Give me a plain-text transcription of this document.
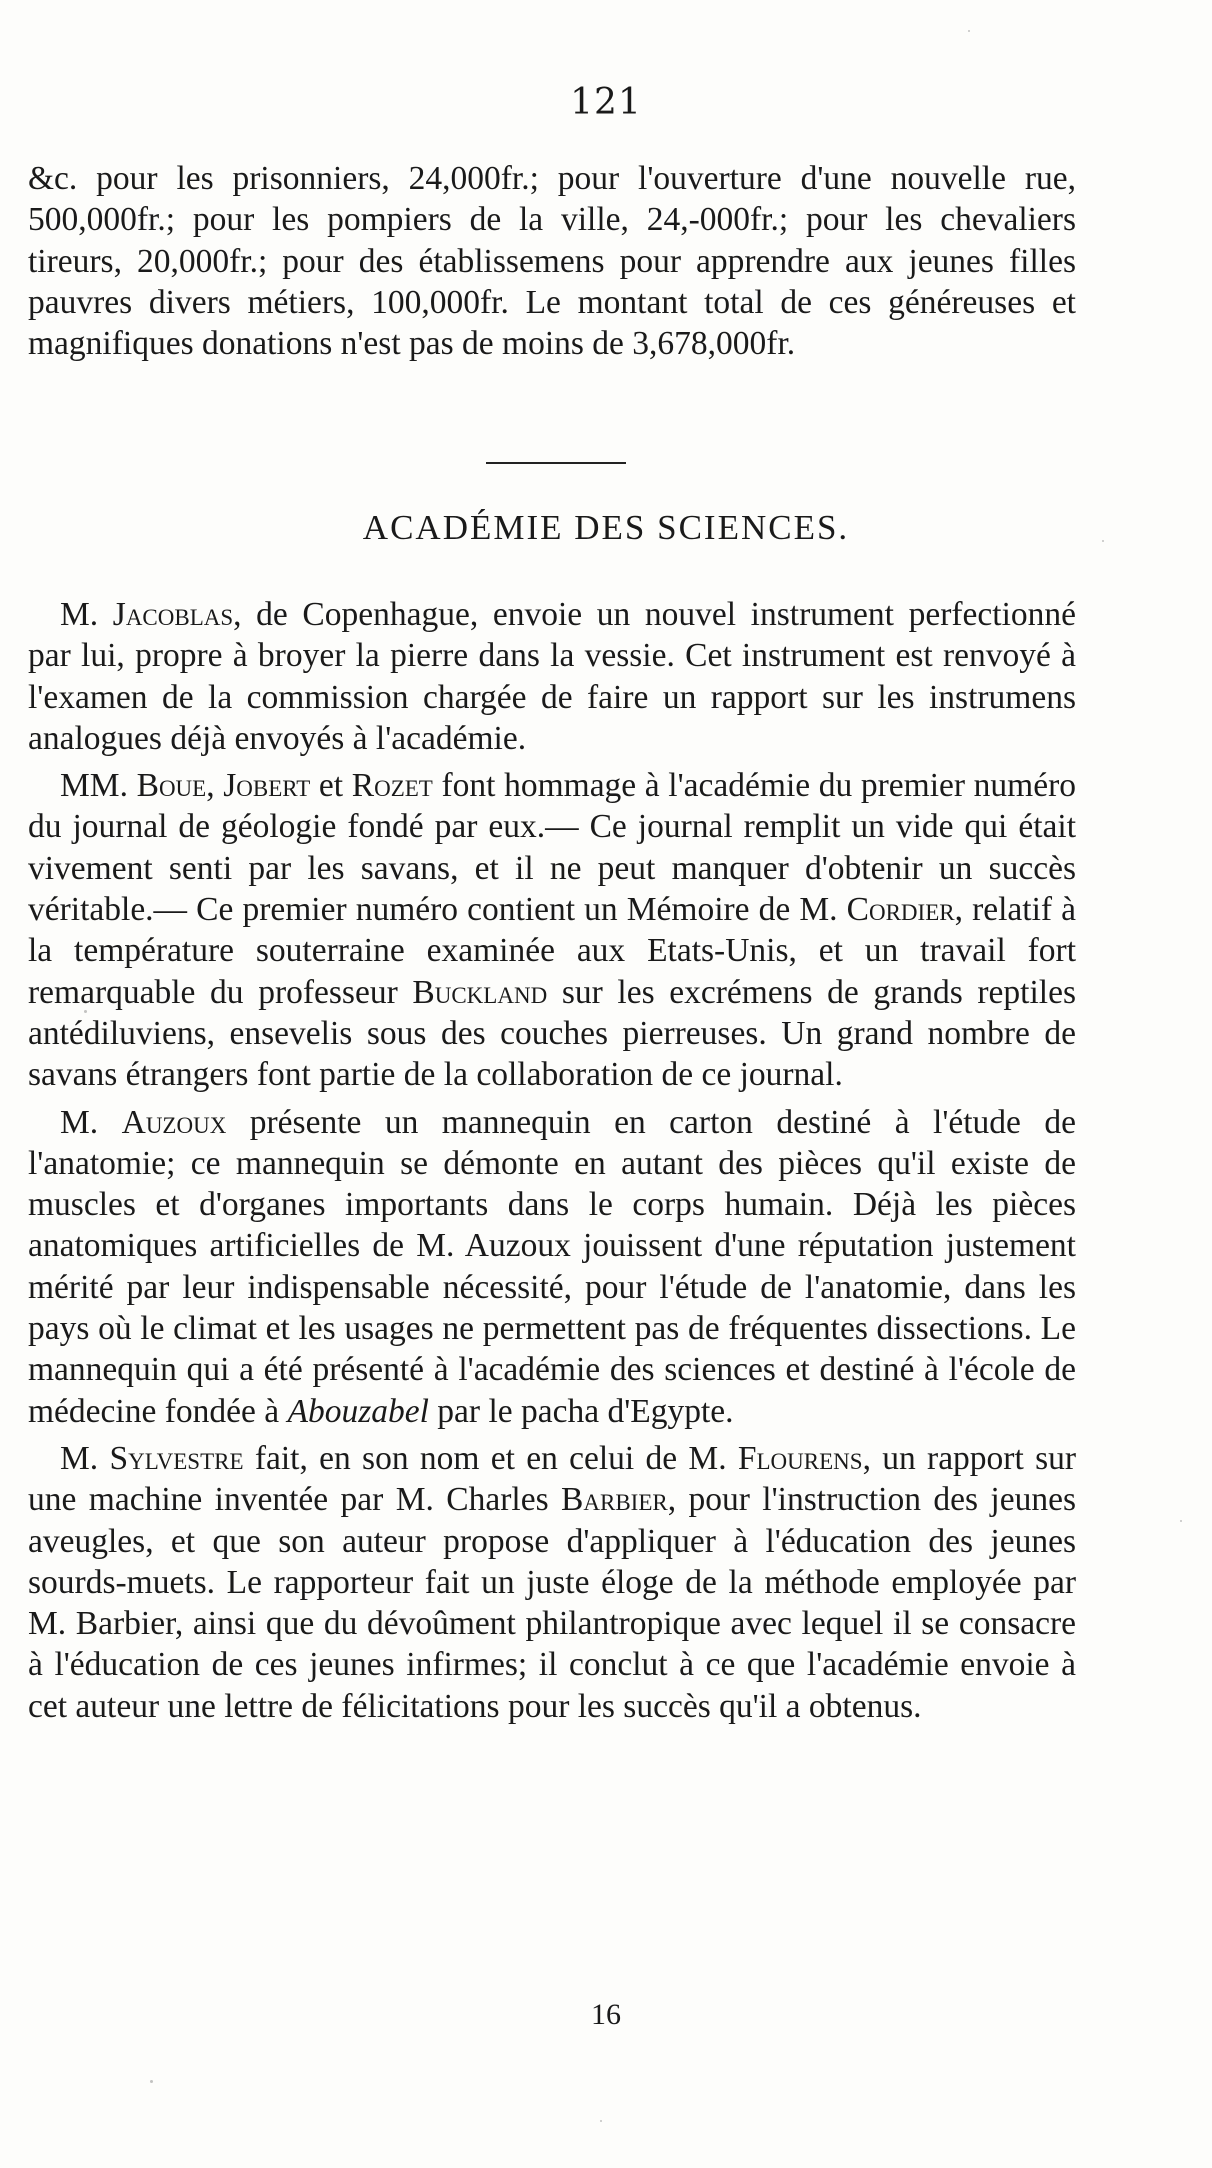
121

&c. pour les prisonniers, 24,000fr.; pour l'ouverture d'une nouvelle rue, 500,000fr.; pour les pompiers de la ville, 24,-000fr.; pour les chevaliers tireurs, 20,000fr.; pour des établissemens pour apprendre aux jeunes filles pauvres divers métiers, 100,000fr. Le montant total de ces généreuses et magnifiques donations n'est pas de moins de 3,678,000fr.

ACADÉMIE DES SCIENCES.

M. Jacoblas, de Copenhague, envoie un nouvel instrument perfectionné par lui, propre à broyer la pierre dans la vessie. Cet instrument est renvoyé à l'examen de la commission chargée de faire un rapport sur les instrumens analogues déjà envoyés à l'académie.

MM. Boue, Jobert et Rozet font hommage à l'académie du premier numéro du journal de géologie fondé par eux.— Ce journal remplit un vide qui était vivement senti par les savans, et il ne peut manquer d'obtenir un succès véritable.— Ce premier numéro contient un Mémoire de M. Cordier, relatif à la température souterraine examinée aux Etats-Unis, et un travail fort remarquable du professeur Buckland sur les excrémens de grands reptiles antédiluviens, ensevelis sous des couches pierreuses. Un grand nombre de savans étrangers font partie de la collaboration de ce journal.

M. Auzoux présente un mannequin en carton destiné à l'étude de l'anatomie; ce mannequin se démonte en autant des pièces qu'il existe de muscles et d'organes importants dans le corps humain. Déjà les pièces anatomiques artificielles de M. Auzoux jouissent d'une réputation justement mérité par leur indispensable nécessité, pour l'étude de l'anatomie, dans les pays où le climat et les usages ne permettent pas de fréquentes dissections. Le mannequin qui a été présenté à l'académie des sciences et destiné à l'école de médecine fondée à Abouzabel par le pacha d'Egypte.

M. Sylvestre fait, en son nom et en celui de M. Flourens, un rapport sur une machine inventée par M. Charles Barbier, pour l'instruction des jeunes aveugles, et que son auteur propose d'appliquer à l'éducation des jeunes sourds-muets. Le rapporteur fait un juste éloge de la méthode employée par M. Barbier, ainsi que du dévoûment philantropique avec lequel il se consacre à l'éducation de ces jeunes infirmes; il conclut à ce que l'académie envoie à cet auteur une lettre de félicitations pour les succès qu'il a obtenus.

16
